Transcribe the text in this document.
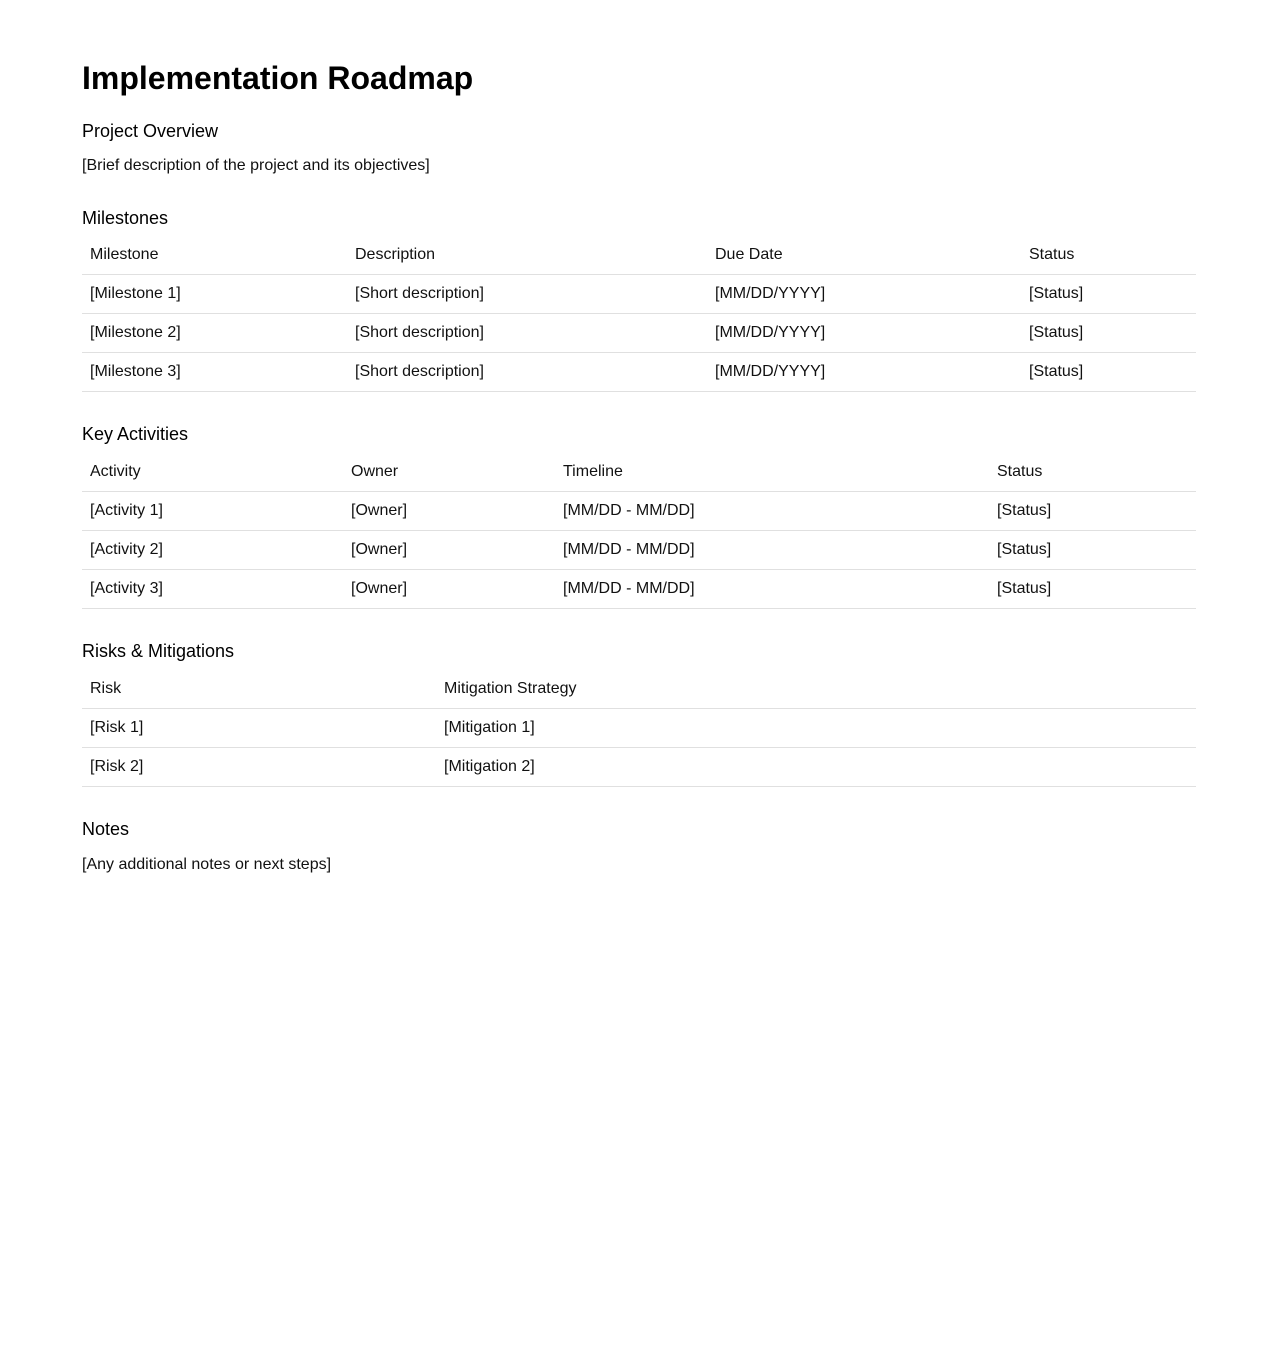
Implementation Roadmap
Project Overview

[Brief description of the project and its objectives]

Milestones
Milestone	Description	Due Date	Status
[Milestone 1]	[Short description]	[MM/DD/YYYY]	[Status]
[Milestone 2]	[Short description]	[MM/DD/YYYY]	[Status]
[Milestone 3]	[Short description]	[MM/DD/YYYY]	[Status]
Key Activities
Activity	Owner	Timeline	Status
[Activity 1]	[Owner]	[MM/DD - MM/DD]	[Status]
[Activity 2]	[Owner]	[MM/DD - MM/DD]	[Status]
[Activity 3]	[Owner]	[MM/DD - MM/DD]	[Status]
Risks & Mitigations
Risk	Mitigation Strategy
[Risk 1]	[Mitigation 1]
[Risk 2]	[Mitigation 2]
Notes

[Any additional notes or next steps]
